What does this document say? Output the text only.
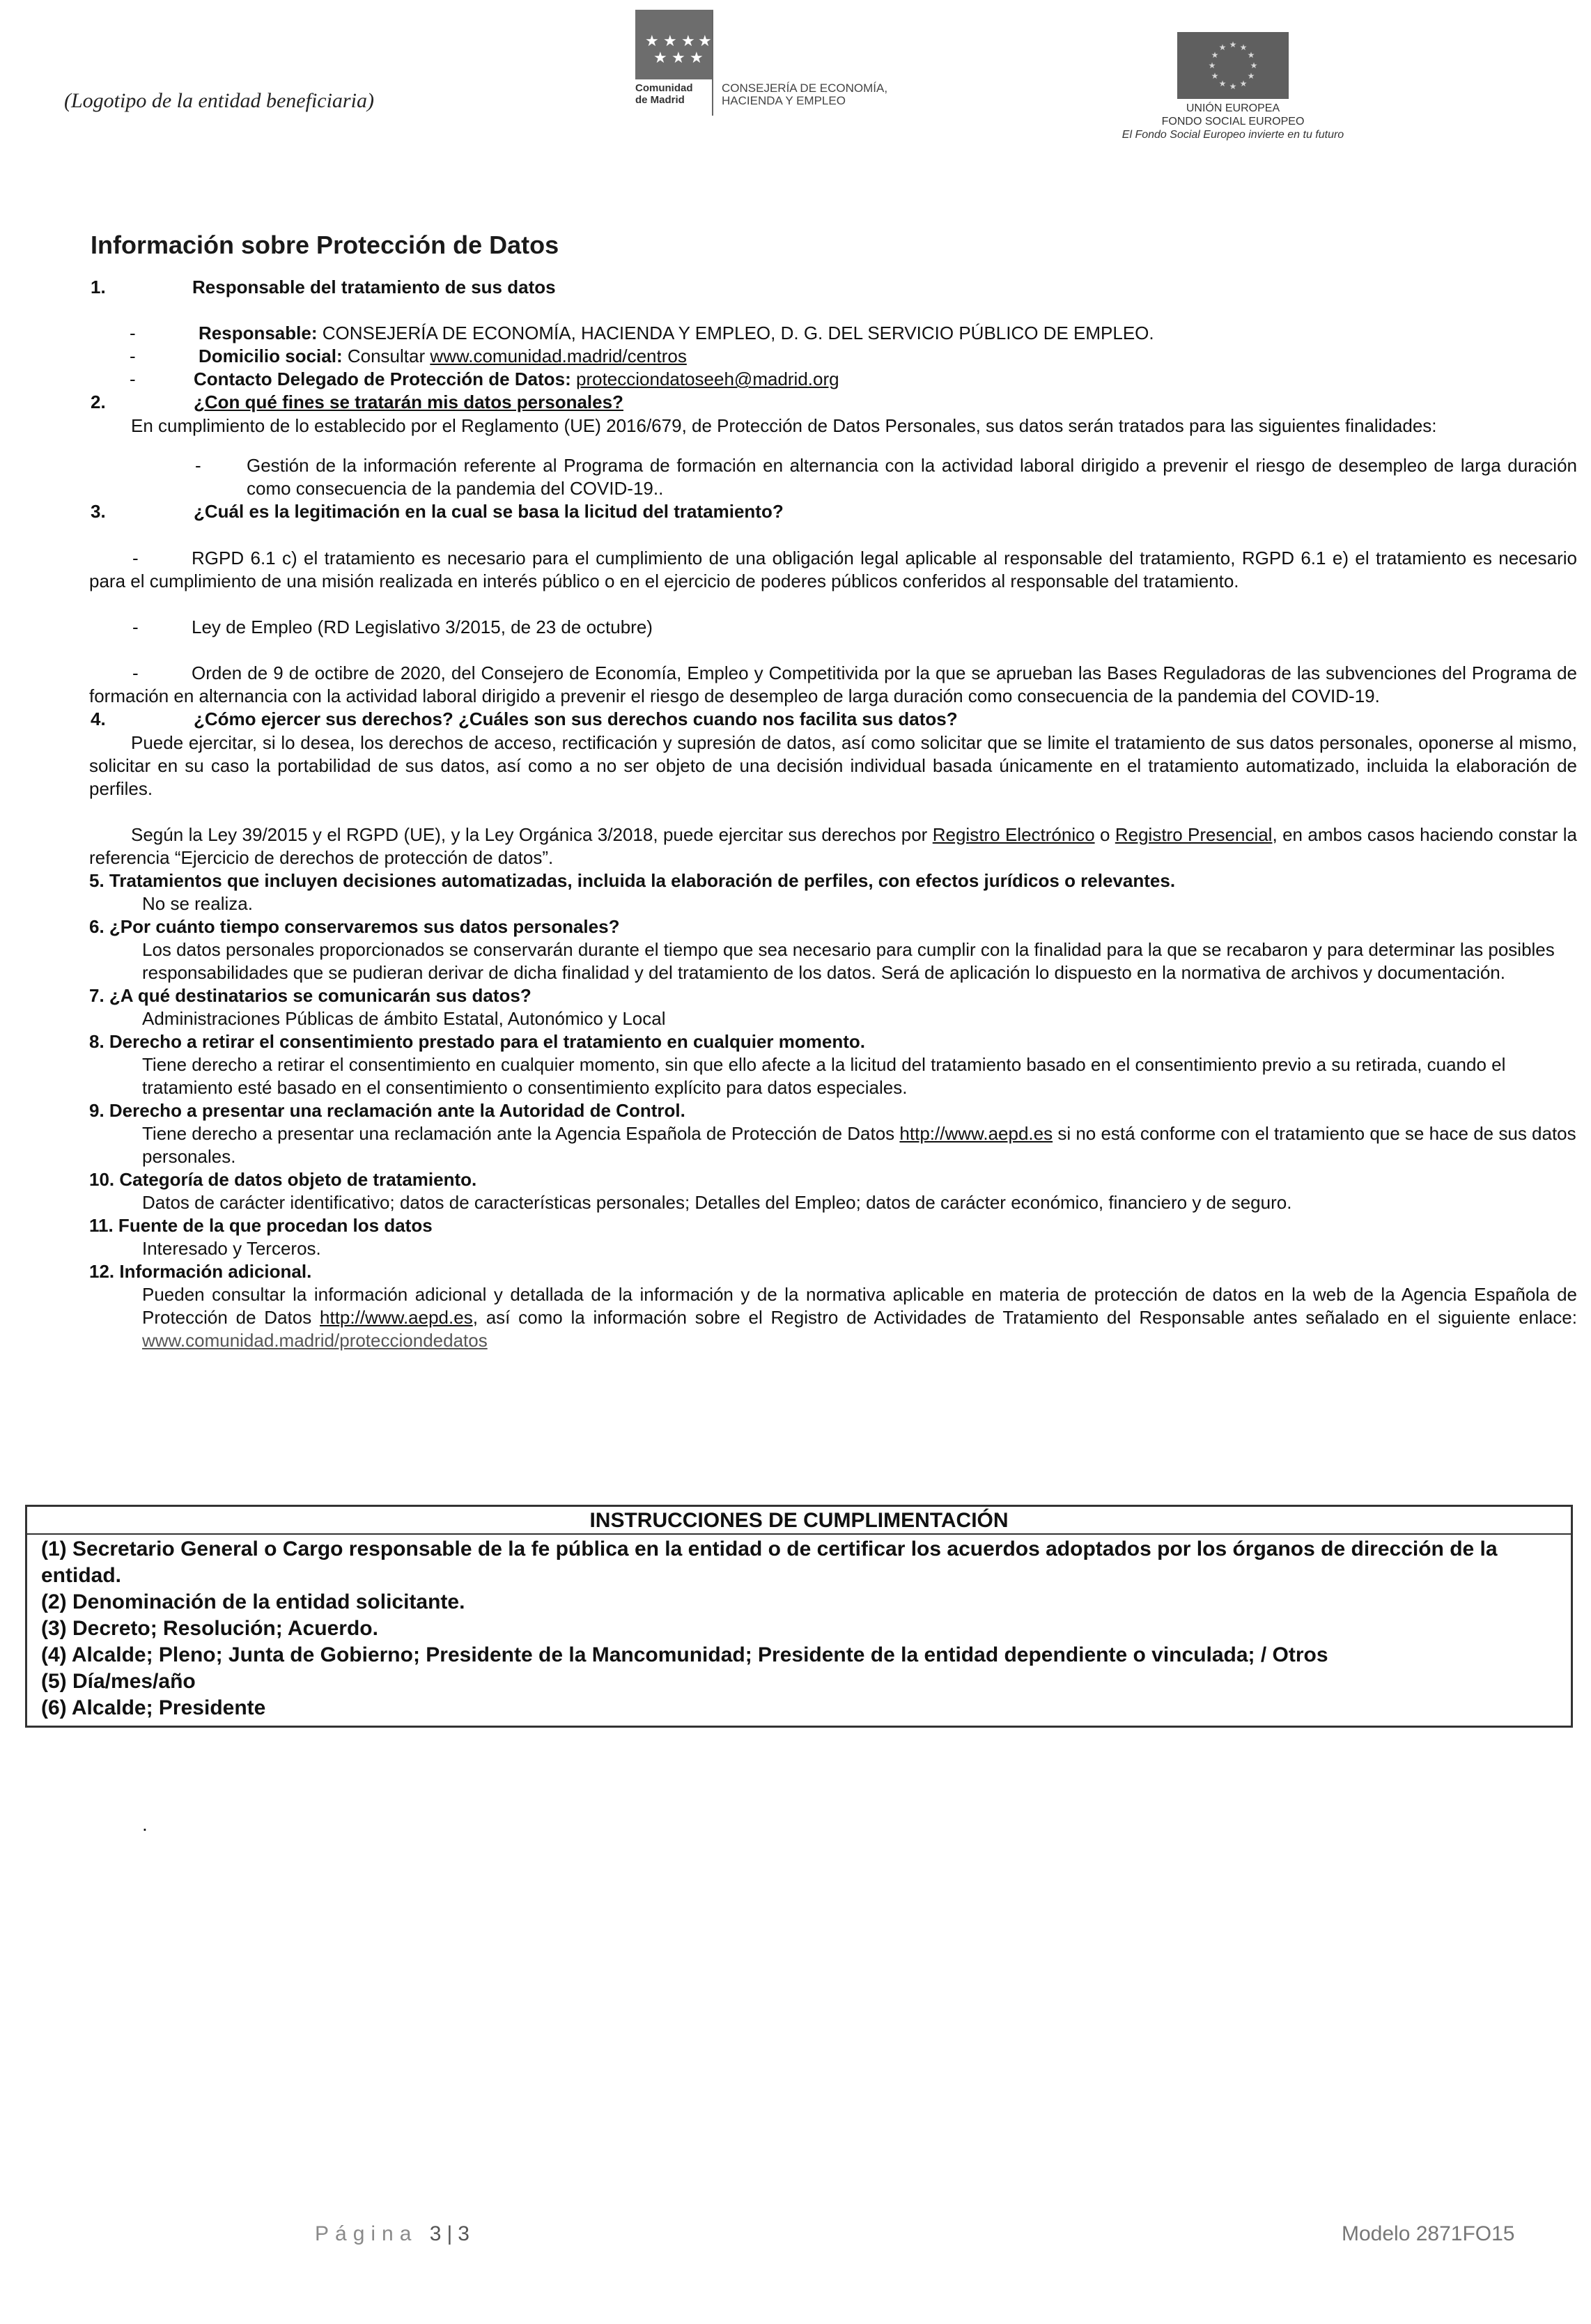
(Logotipo de la entidad beneficiaria)
★ ★ ★ ★
★ ★ ★
Comunidad de Madrid
CONSEJERÍA DE ECONOMÍA, HACIENDA Y EMPLEO
★ ★
★
★
★
★
★
★
★
★
★
★
UNIÓN EUROPEA
FONDO SOCIAL EUROPEO
El Fondo Social Europeo invierte en tu futuro
Información sobre Protección de Datos
1.	Responsable del tratamiento de sus datos
-	Responsable: CONSEJERÍA DE ECONOMÍA, HACIENDA Y EMPLEO, D. G. DEL SERVICIO PÚBLICO DE EMPLEO.
-	Domicilio social: Consultar www.comunidad.madrid/centros
-	Contacto Delegado de Protección de Datos: protecciondatoseeh@madrid.org
2.	¿Con qué fines se tratarán mis datos personales?
En cumplimiento de lo establecido por el Reglamento (UE) 2016/679, de Protección de Datos Personales, sus datos serán tratados para las siguientes finalidades:
-	Gestión de la información referente al Programa de formación en alternancia con la actividad laboral dirigido a prevenir el riesgo de desempleo de larga duración como consecuencia de la pandemia del COVID-19..
3.	¿Cuál es la legitimación en la cual se basa la licitud del tratamiento?
-	RGPD 6.1 c) el tratamiento es necesario para el cumplimiento de una obligación legal aplicable al responsable del tratamiento, RGPD 6.1 e) el tratamiento es necesario para el cumplimiento de una misión realizada en interés público o en el ejercicio de poderes públicos conferidos al responsable del tratamiento.
-	Ley de Empleo (RD Legislativo 3/2015, de 23 de octubre)
-	Orden de 9 de octibre de 2020, del Consejero de Economía, Empleo y Competitivida por la que se aprueban las Bases Reguladoras de las subvenciones del Programa de formación en alternancia con la actividad laboral dirigido a prevenir el riesgo de desempleo de larga duración como consecuencia de la pandemia del COVID-19.
4.	¿Cómo ejercer sus derechos? ¿Cuáles son sus derechos cuando nos facilita sus datos?
Puede ejercitar, si lo desea, los derechos de acceso, rectificación y supresión de datos, así como solicitar que se limite el tratamiento de sus datos personales, oponerse al mismo, solicitar en su caso la portabilidad de sus datos, así como a no ser objeto de una decisión individual basada únicamente en el tratamiento automatizado, incluida la elaboración de perfiles.
Según la Ley 39/2015 y el RGPD (UE), y la Ley Orgánica 3/2018, puede ejercitar sus derechos por Registro Electrónico o Registro Presencial, en ambos casos haciendo constar la referencia “Ejercicio de derechos de protección de datos”.
5. Tratamientos que incluyen decisiones automatizadas, incluida la elaboración de perfiles, con efectos jurídicos o relevantes.
No se realiza.
6. ¿Por cuánto tiempo conservaremos sus datos personales?
Los datos personales proporcionados se conservarán durante el tiempo que sea necesario para cumplir con la finalidad para la que se recabaron y para determinar las posibles responsabilidades que se pudieran derivar de dicha finalidad y del tratamiento de los datos. Será de aplicación lo dispuesto en la normativa de archivos y documentación.
7. ¿A qué destinatarios se comunicarán sus datos?
Administraciones Públicas de ámbito Estatal, Autonómico y Local
8. Derecho a retirar el consentimiento prestado para el tratamiento en cualquier momento.
Tiene derecho a retirar el consentimiento en cualquier momento, sin que ello afecte a la licitud del tratamiento basado en el consentimiento previo a su retirada, cuando el tratamiento esté basado en el consentimiento o consentimiento explícito para datos especiales.
9. Derecho a presentar una reclamación ante la Autoridad de Control.
Tiene derecho a presentar una reclamación ante la Agencia Española de Protección de Datos http://www.aepd.es si no está conforme con el tratamiento que se hace de sus datos personales.
10. Categoría de datos objeto de tratamiento.
Datos de carácter identificativo; datos de características personales; Detalles del Empleo; datos de carácter económico, financiero y de seguro.
11. Fuente de la que procedan los datos
Interesado y Terceros.
12. Información adicional.
Pueden consultar la información adicional y detallada de la información y de la normativa aplicable en materia de protección de datos en la web de la Agencia Española de Protección de Datos http://www.aepd.es, así como la información sobre el Registro de Actividades de Tratamiento del Responsable antes señalado en el siguiente enlace: www.comunidad.madrid/protecciondedatos
INSTRUCCIONES DE CUMPLIMENTACIÓN
(1) Secretario General o Cargo responsable de la fe pública en la entidad o de certificar los acuerdos adoptados por los órganos de dirección de la entidad.
(2) Denominación de la entidad solicitante.
(3) Decreto; Resolución; Acuerdo.
(4) Alcalde; Pleno; Junta de Gobierno; Presidente de la Mancomunidad; Presidente de la entidad dependiente o vinculada; / Otros
(5) Día/mes/año
(6) Alcalde; Presidente
.
Página 3 | 3	Modelo 2871FO15
